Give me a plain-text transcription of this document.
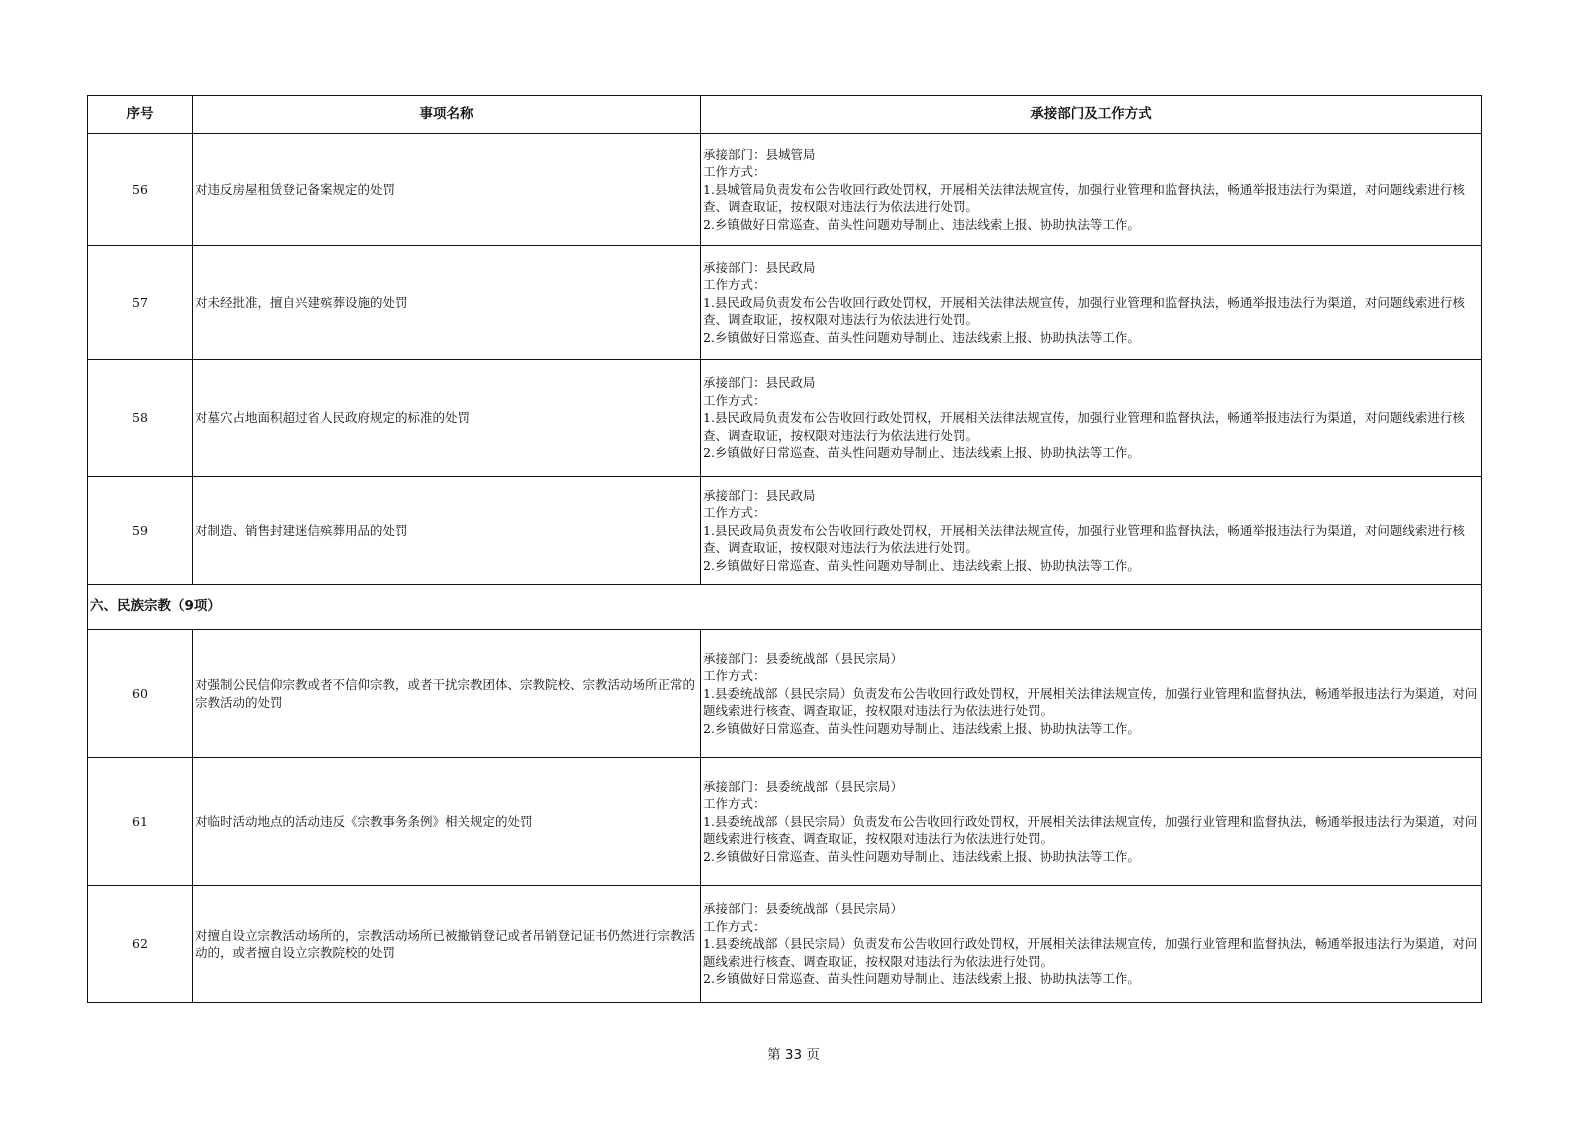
序号	事项名称	承接部门及工作方式
56	对违反房屋租赁登记备案规定的处罚	承接部门：县城管局
工作方式：
1.县城管局负责发布公告收回行政处罚权，开展相关法律法规宣传，加强行业管理和监督执法，畅通举报违法行为渠道，对问题线索进行核查、调查取证，按权限对违法行为依法进行处罚。
2.乡镇做好日常巡查、苗头性问题劝导制止、违法线索上报、协助执法等工作。

57	对未经批准，擅自兴建殡葬设施的处罚	承接部门：县民政局
工作方式：
1.县民政局负责发布公告收回行政处罚权，开展相关法律法规宣传，加强行业管理和监督执法，畅通举报违法行为渠道，对问题线索进行核查、调查取证，按权限对违法行为依法进行处罚。
2.乡镇做好日常巡查、苗头性问题劝导制止、违法线索上报、协助执法等工作。

58	对墓穴占地面积超过省人民政府规定的标准的处罚	承接部门：县民政局
工作方式：
1.县民政局负责发布公告收回行政处罚权，开展相关法律法规宣传，加强行业管理和监督执法，畅通举报违法行为渠道，对问题线索进行核查、调查取证，按权限对违法行为依法进行处罚。
2.乡镇做好日常巡查、苗头性问题劝导制止、违法线索上报、协助执法等工作。

59	对制造、销售封建迷信殡葬用品的处罚	承接部门：县民政局
工作方式：
1.县民政局负责发布公告收回行政处罚权，开展相关法律法规宣传，加强行业管理和监督执法，畅通举报违法行为渠道，对问题线索进行核查、调查取证，按权限对违法行为依法进行处罚。
2.乡镇做好日常巡查、苗头性问题劝导制止、违法线索上报、协助执法等工作。

六、民族宗教（9项）		
60	对强制公民信仰宗教或者不信仰宗教，或者干扰宗教团体、宗教院校、宗教活动场所正常的宗教活动的处罚	承接部门：县委统战部（县民宗局）
工作方式：
1.县委统战部（县民宗局）负责发布公告收回行政处罚权，开展相关法律法规宣传，加强行业管理和监督执法，畅通举报违法行为渠道，对问题线索进行核查、调查取证，按权限对违法行为依法进行处罚。
2.乡镇做好日常巡查、苗头性问题劝导制止、违法线索上报、协助执法等工作。

61	对临时活动地点的活动违反《宗教事务条例》相关规定的处罚	承接部门：县委统战部（县民宗局）
工作方式：
1.县委统战部（县民宗局）负责发布公告收回行政处罚权，开展相关法律法规宣传，加强行业管理和监督执法，畅通举报违法行为渠道，对问题线索进行核查、调查取证，按权限对违法行为依法进行处罚。
2.乡镇做好日常巡查、苗头性问题劝导制止、违法线索上报、协助执法等工作。

62	对擅自设立宗教活动场所的，宗教活动场所已被撤销登记或者吊销登记证书仍然进行宗教活动的，或者擅自设立宗教院校的处罚	承接部门：县委统战部（县民宗局）
工作方式：
1.县委统战部（县民宗局）负责发布公告收回行政处罚权，开展相关法律法规宣传，加强行业管理和监督执法，畅通举报违法行为渠道，对问题线索进行核查、调查取证，按权限对违法行为依法进行处罚。
2.乡镇做好日常巡查、苗头性问题劝导制止、违法线索上报、协助执法等工作。
第 33 页
